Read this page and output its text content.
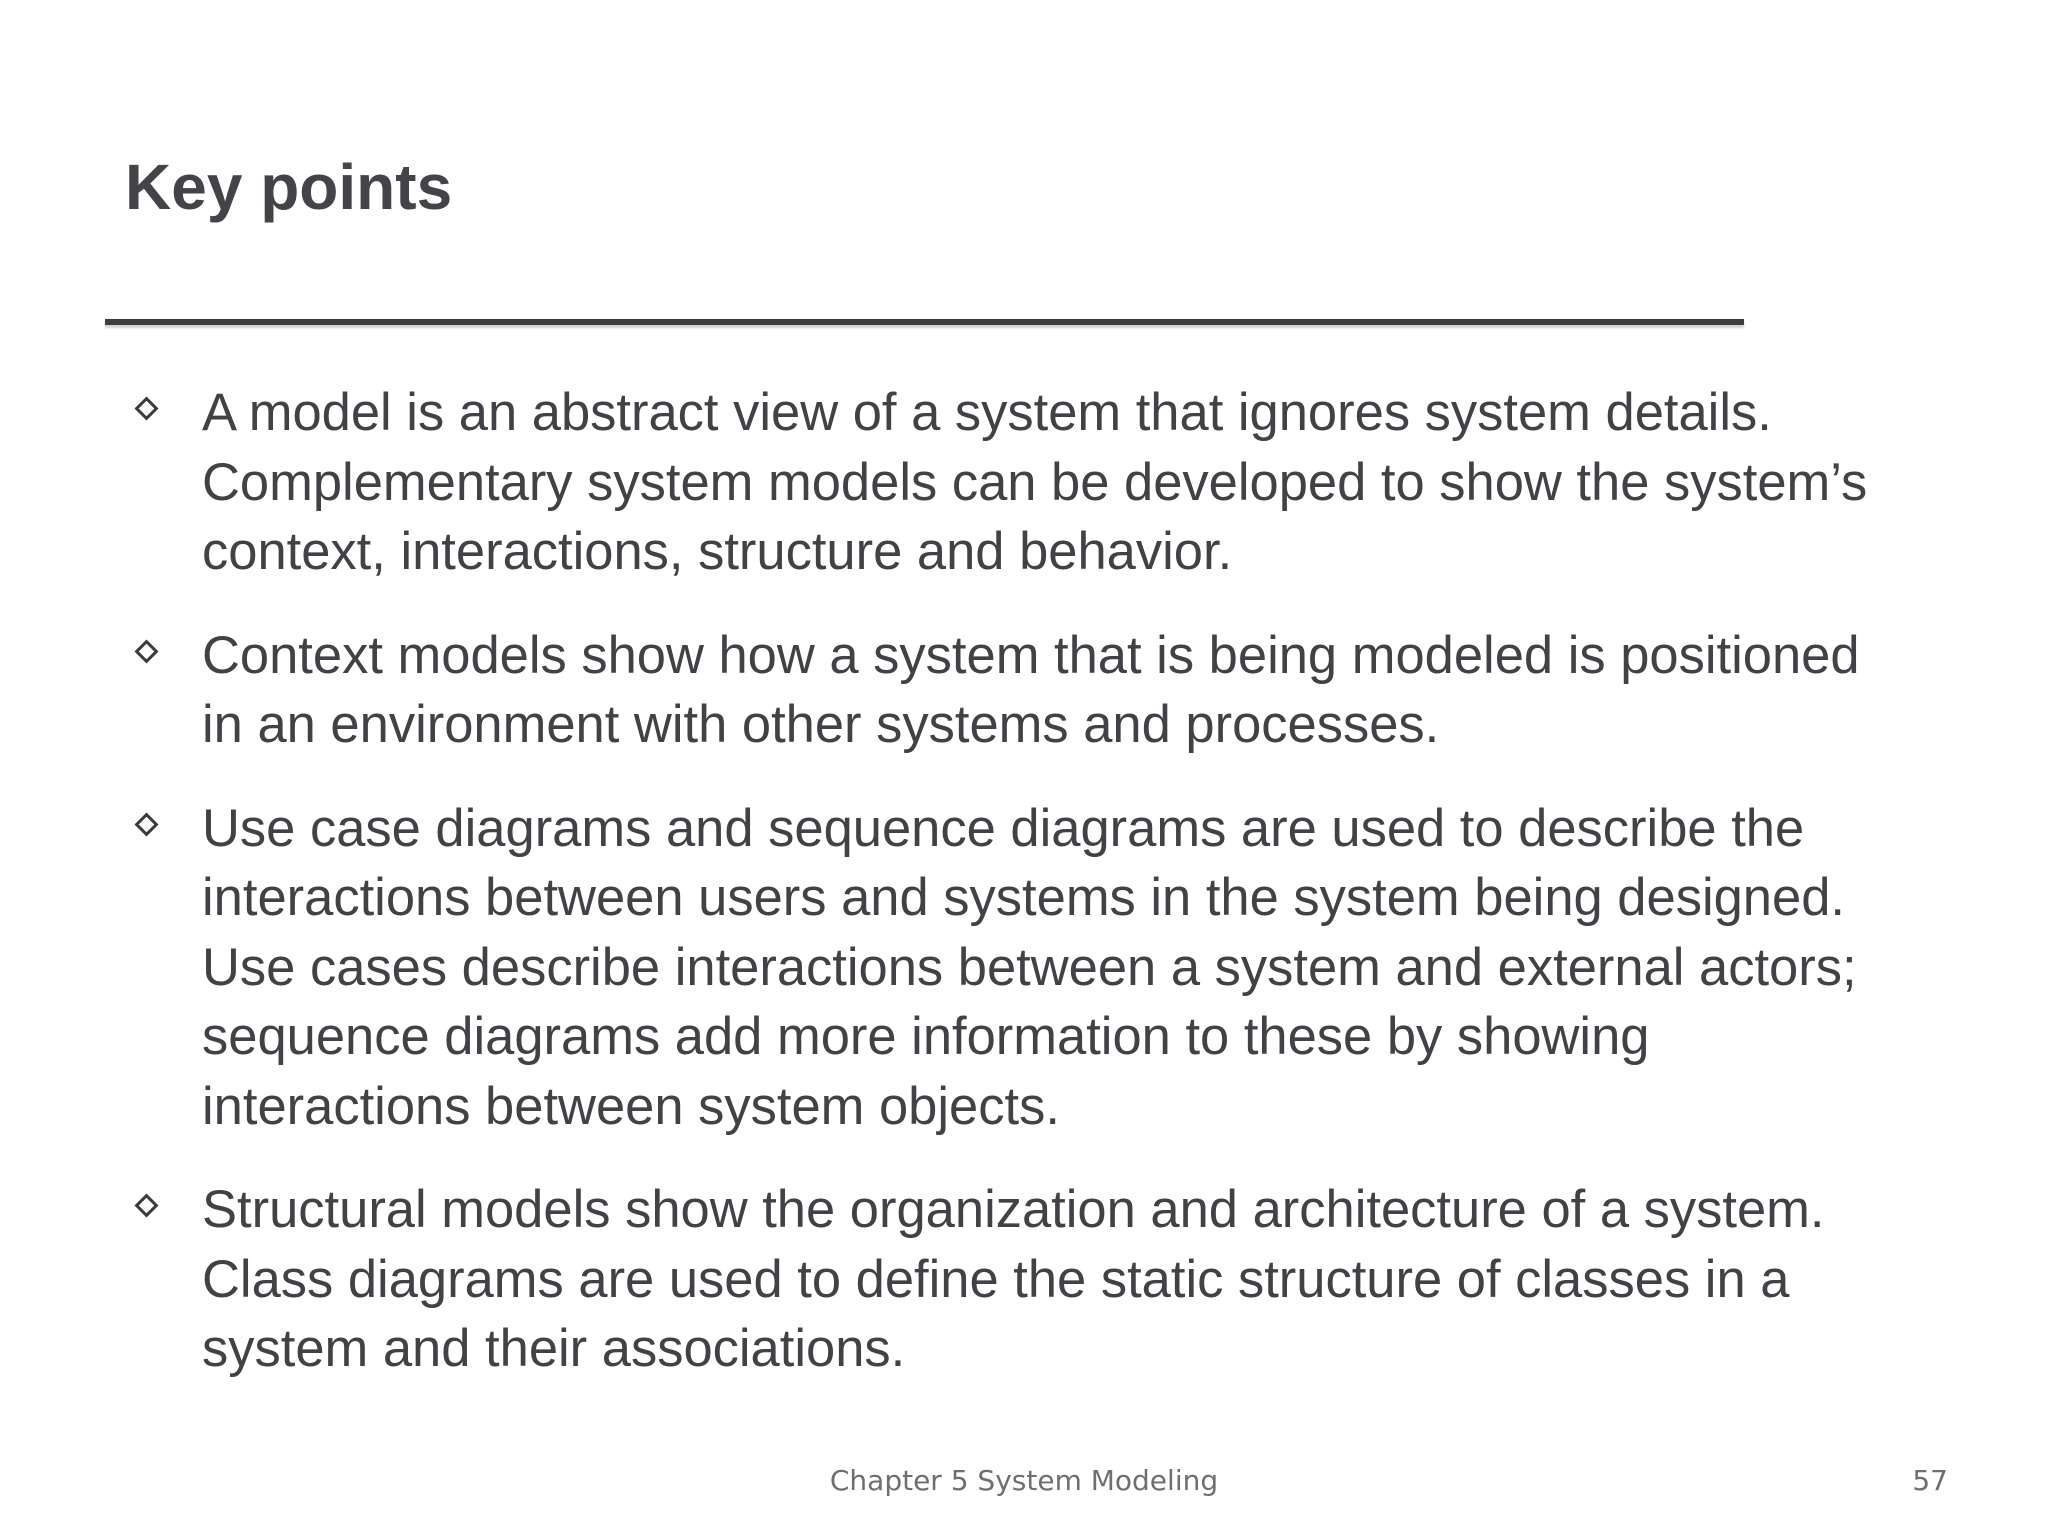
Key points
A model is an abstract view of a system that ignores system details. Complementary system models can be developed to show the system’s context, interactions, structure and behavior.
Context models show how a system that is being modeled is positioned in an environment with other systems and processes.
Use case diagrams and sequence diagrams are used to describe the interactions between users and systems in the system being designed. Use cases describe interactions between a system and external actors; sequence diagrams add more information to these by showing interactions between system objects.
Structural models show the organization and architecture of a system. Class diagrams are used to define the static structure of classes in a system and their associations.
Chapter 5 System Modeling	57
